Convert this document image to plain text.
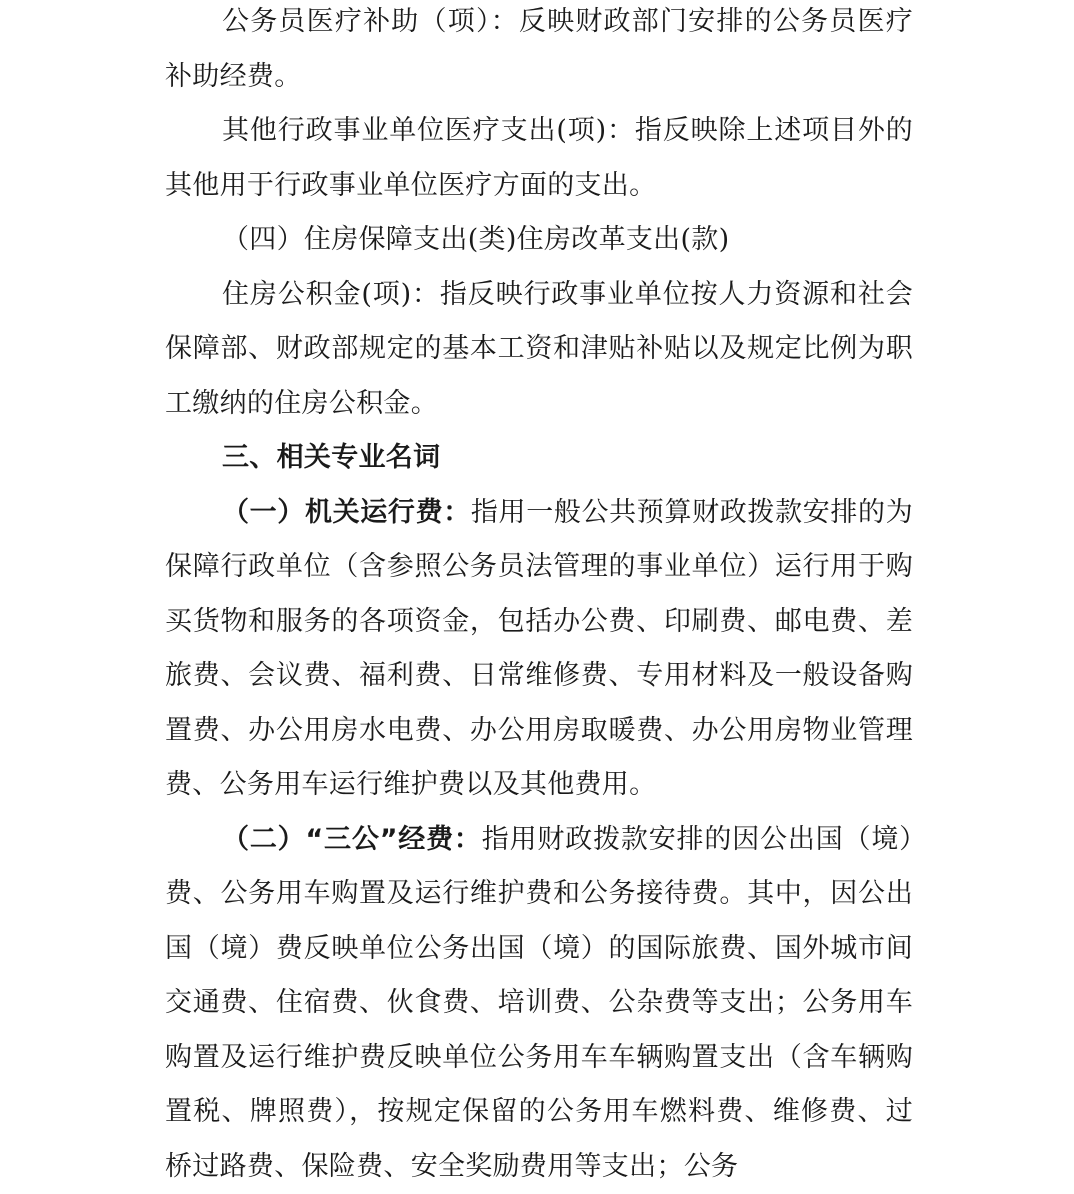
公务员医疗补助（项）：反映财政部门安排的公务员医疗补助经费。

其他行政事业单位医疗支出(项)：指反映除上述项目外的其他用于行政事业单位医疗方面的支出。

（四）住房保障支出(类)住房改革支出(款)

住房公积金(项)：指反映行政事业单位按人力资源和社会保障部、财政部规定的基本工资和津贴补贴以及规定比例为职工缴纳的住房公积金。

三、相关专业名词

（一）机关运行费：指用一般公共预算财政拨款安排的为保障行政单位（含参照公务员法管理的事业单位）运行用于购买货物和服务的各项资金，包括办公费、印刷费、邮电费、差旅费、会议费、福利费、日常维修费、专用材料及一般设备购置费、办公用房水电费、办公用房取暖费、办公用房物业管理费、公务用车运行维护费以及其他费用。

（二）“三公”经费：指用财政拨款安排的因公出国（境）费、公务用车购置及运行维护费和公务接待费。其中，因公出国（境）费反映单位公务出国（境）的国际旅费、国外城市间交通费、住宿费、伙食费、培训费、公杂费等支出；公务用车购置及运行维护费反映单位公务用车车辆购置支出（含车辆购置税、牌照费），按规定保留的公务用车燃料费、维修费、过桥过路费、保险费、安全奖励费用等支出；公务
